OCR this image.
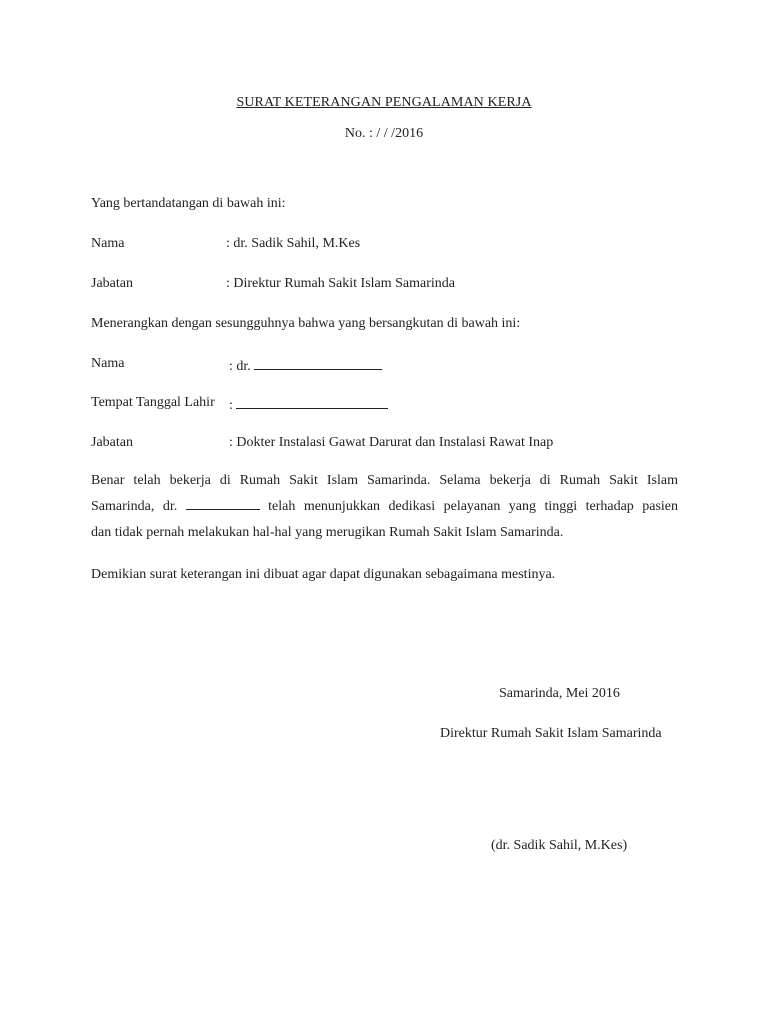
SURAT KETERANGAN PENGALAMAN KERJA
No. : / / /2016
Yang bertandatangan di bawah ini:
Nama	: dr. Sadik Sahil, M.Kes
Jabatan	: Direktur Rumah Sakit Islam Samarinda
Menerangkan dengan sesungguhnya bahwa yang bersangkutan di bawah ini:
Nama	: dr.
Tempat Tanggal Lahir :
Jabatan	: Dokter Instalasi Gawat Darurat dan Instalasi Rawat Inap
Benar telah bekerja di Rumah Sakit Islam Samarinda. Selama bekerja di Rumah Sakit Islam
Samarinda, dr.	telah menunjukkan dedikasi pelayanan yang tinggi terhadap pasien
dan tidak pernah melakukan hal-hal yang merugikan Rumah Sakit Islam Samarinda.
Demikian surat keterangan ini dibuat agar dapat digunakan sebagaimana mestinya.
Samarinda, Mei 2016
Direktur Rumah Sakit Islam Samarinda
(dr. Sadik Sahil, M.Kes)
